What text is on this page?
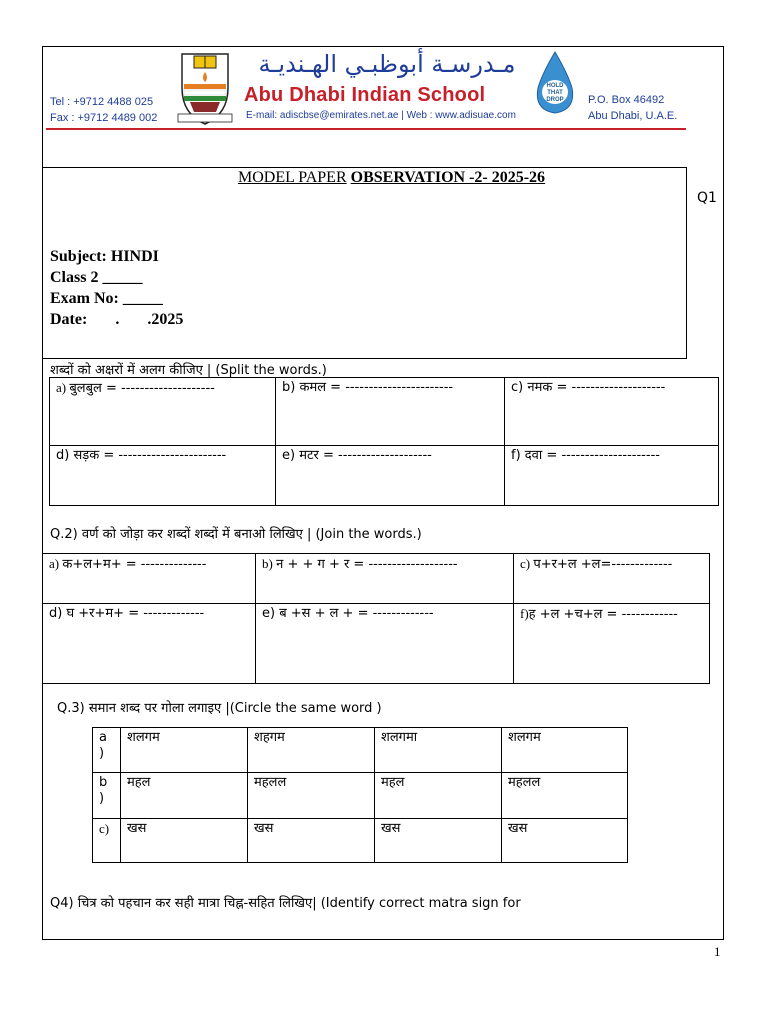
Tel : +9712 4488 025
Fax : +9712 4489 002
مـدرسـة أبوظبـي الهـنديـة
Abu Dhabi Indian School
E-mail: adiscbse@emirates.net.ae | Web : www.adisuae.com
HOLD
THAT
DROP P.O. Box 46492
Abu Dhabi, U.A.E.
MODEL PAPER OBSERVATION -2- 2025-26
Subject: HINDI
Class 2 _____
Exam No: _____
Date:       .       .2025
Q1
शब्दों को अक्षरों में अलग कीजिए | (Split the words.)
a) बुलबुल = --------------------	b) कमल = -----------------------	c) नमक = --------------------
d) सड़क = -----------------------	e) मटर = --------------------	f) दवा = ---------------------
Q.2) वर्ण को जोड़ा कर शब्दों शब्दों में बनाओ लिखिए | (Join the words.)
a) क+ल+म+ = --------------	b) न + + ग + र = -------------------	c) प+र+ल +ल=-------------
d) घ +र+म+ = -------------	e) ब +स + ल + = -------------	f)ह +ल +च+ल = ------------
Q.3) समान शब्द पर गोला लगाइए |(Circle the same word )
a )	शलगम	शहगम	शलगमा	शलगम
b )	महल	महलल	महल	महलल
c)	खस	खस	खस	खस
Q4) चित्र को पहचान कर सही मात्रा चिह्न-सहित लिखिए| (Identify correct matra sign for
1
